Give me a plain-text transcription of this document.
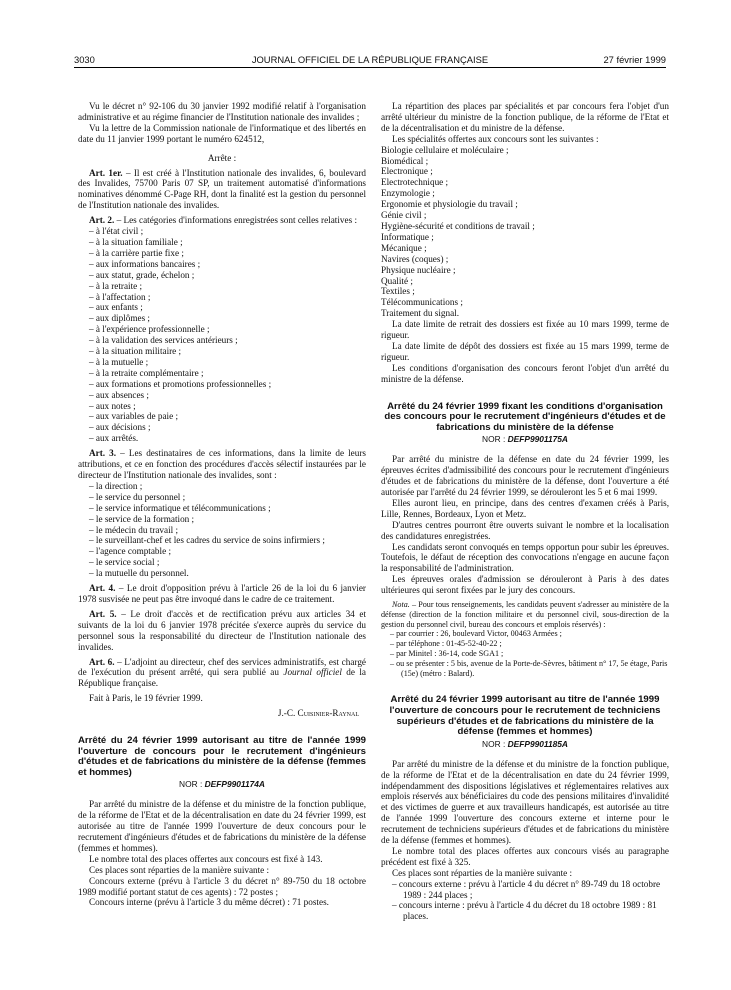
3030	JOURNAL OFFICIEL DE LA RÉPUBLIQUE FRANÇAISE	27 février 1999

Vu le décret n° 92-106 du 30 janvier 1992 modifié relatif à l'organisation administrative et au régime financier de l'Institution nationale des invalides ;

Vu la lettre de la Commission nationale de l'informatique et des libertés en date du 11 janvier 1999 portant le numéro 624512,

Arrête :

Art. 1er. – Il est créé à l'Institution nationale des invalides, 6, boulevard des Invalides, 75700 Paris 07 SP, un traitement automatisé d'informations nominatives dénommé C-Page RH, dont la finalité est la gestion du personnel de l'Institution nationale des invalides.

Art. 2. – Les catégories d'informations enregistrées sont celles relatives :

– à l'état civil ;
– à la situation familiale ;
– à la carrière partie fixe ;
– aux informations bancaires ;
– aux statut, grade, échelon ;
– à la retraite ;
– à l'affectation ;
– aux enfants ;
– aux diplômes ;
– à l'expérience professionnelle ;
– à la validation des services antérieurs ;
– à la situation militaire ;
– à la mutuelle ;
– à la retraite complémentaire ;
– aux formations et promotions professionnelles ;
– aux absences ;
– aux notes ;
– aux variables de paie ;
– aux décisions ;
– aux arrêtés.

Art. 3. – Les destinataires de ces informations, dans la limite de leurs attributions, et ce en fonction des procédures d'accès sélectif instaurées par le directeur de l'Institution nationale des invalides, sont :

– la direction ;
– le service du personnel ;
– le service informatique et télécommunications ;
– le service de la formation ;
– le médecin du travail ;
– le surveillant-chef et les cadres du service de soins infirmiers ;
– l'agence comptable ;
– le service social ;
– la mutuelle du personnel.

Art. 4. – Le droit d'opposition prévu à l'article 26 de la loi du 6 janvier 1978 susvisée ne peut pas être invoqué dans le cadre de ce traitement.

Art. 5. – Le droit d'accès et de rectification prévu aux articles 34 et suivants de la loi du 6 janvier 1978 précitée s'exerce auprès du service du personnel sous la responsabilité du directeur de l'Institution nationale des invalides.

Art. 6. – L'adjoint au directeur, chef des services administratifs, est chargé de l'exécution du présent arrêté, qui sera publié au Journal officiel de la République française.

Fait à Paris, le 19 février 1999.

J.-C. Cuisinier-Raynal

Arrêté du 24 février 1999 autorisant au titre de l'année 1999 l'ouverture de concours pour le recrutement d'ingénieurs d'études et de fabrications du ministère de la défense (femmes et hommes)

NOR : DEFP9901174A

Par arrêté du ministre de la défense et du ministre de la fonction publique, de la réforme de l'Etat et de la décentralisation en date du 24 février 1999, est autorisée au titre de l'année 1999 l'ouverture de deux concours pour le recrutement d'ingénieurs d'études et de fabrications du ministère de la défense (femmes et hommes).

Le nombre total des places offertes aux concours est fixé à 143.

Ces places sont réparties de la manière suivante :

Concours externe (prévu à l'article 3 du décret n° 89-750 du 18 octobre 1989 modifié portant statut de ces agents) : 72 postes ;

Concours interne (prévu à l'article 3 du même décret) : 71 postes.

La répartition des places par spécialités et par concours fera l'objet d'un arrêté ultérieur du ministre de la fonction publique, de la réforme de l'Etat et de la décentralisation et du ministre de la défense.

Les spécialités offertes aux concours sont les suivantes :

Biologie cellulaire et moléculaire ;
Biomédical ;
Electronique ;
Electrotechnique ;
Enzymologie ;
Ergonomie et physiologie du travail ;
Génie civil ;
Hygiène-sécurité et conditions de travail ;
Informatique ;
Mécanique ;
Navires (coques) ;
Physique nucléaire ;
Qualité ;
Textiles ;
Télécommunications ;
Traitement du signal.

La date limite de retrait des dossiers est fixée au 10 mars 1999, terme de rigueur.

La date limite de dépôt des dossiers est fixée au 15 mars 1999, terme de rigueur.

Les conditions d'organisation des concours feront l'objet d'un arrêté du ministre de la défense.

Arrêté du 24 février 1999 fixant les conditions d'organisation des concours pour le recrutement d'ingénieurs d'études et de fabrications du ministère de la défense

NOR : DEFP9901175A

Par arrêté du ministre de la défense en date du 24 février 1999, les épreuves écrites d'admissibilité des concours pour le recrutement d'ingénieurs d'études et de fabrications du ministère de la défense, dont l'ouverture a été autorisée par l'arrêté du 24 février 1999, se dérouleront les 5 et 6 mai 1999.

Elles auront lieu, en principe, dans des centres d'examen créés à Paris, Lille, Rennes, Bordeaux, Lyon et Metz.

D'autres centres pourront être ouverts suivant le nombre et la localisation des candidatures enregistrées.

Les candidats seront convoqués en temps opportun pour subir les épreuves. Toutefois, le défaut de réception des convocations n'engage en aucune façon la responsabilité de l'administration.

Les épreuves orales d'admission se dérouleront à Paris à des dates ultérieures qui seront fixées par le jury des concours.

Nota. – Pour tous renseignements, les candidats peuvent s'adresser au ministère de la défense (direction de la fonction militaire et du personnel civil, sous-direction de la gestion du personnel civil, bureau des concours et emplois réservés) :

– par courrier : 26, boulevard Victor, 00463 Armées ;
– par téléphone : 01-45-52-40-22 ;
– par Minitel : 36-14, code SGA1 ;
– ou se présenter : 5 bis, avenue de la Porte-de-Sèvres, bâtiment n° 17, 5e étage, Paris (15e) (métro : Balard).
Arrêté du 24 février 1999 autorisant au titre de l'année 1999 l'ouverture de concours pour le recrutement de techniciens supérieurs d'études et de fabrications du ministère de la défense (femmes et hommes)

NOR : DEFP9901185A

Par arrêté du ministre de la défense et du ministre de la fonction publique, de la réforme de l'Etat et de la décentralisation en date du 24 février 1999, indépendamment des dispositions législatives et réglementaires relatives aux emplois réservés aux bénéficiaires du code des pensions militaires d'invalidité et des victimes de guerre et aux travailleurs handicapés, est autorisée au titre de l'année 1999 l'ouverture des concours externe et interne pour le recrutement de techniciens supérieurs d'études et de fabrications du ministère de la défense (femmes et hommes).

Le nombre total des places offertes aux concours visés au paragraphe précédent est fixé à 325.

Ces places sont réparties de la manière suivante :

– concours externe : prévu à l'article 4 du décret n° 89-749 du 18 octobre 1989 : 244 places ;
– concours interne : prévu à l'article 4 du décret du 18 octobre 1989 : 81 places.
